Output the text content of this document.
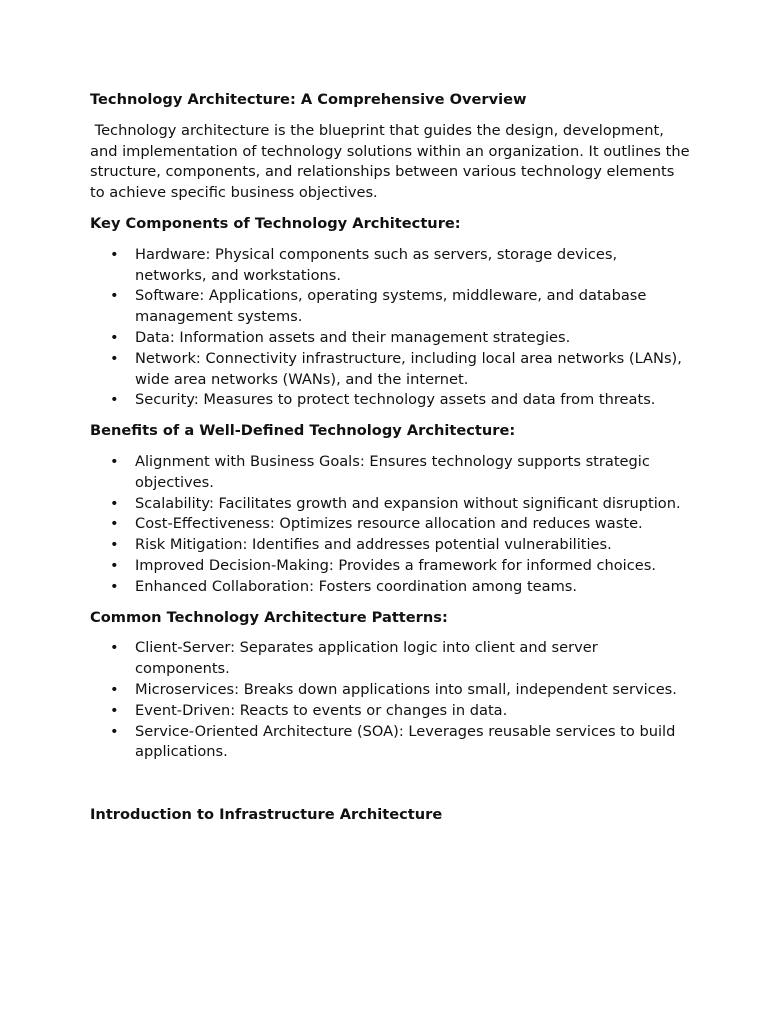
Technology Architecture: A Comprehensive Overview

Technology architecture is the blueprint that guides the design, development, and implementation of technology solutions within an organization. It outlines the structure, components, and relationships between various technology elements to achieve specific business objectives.

Key Components of Technology Architecture:
• Hardware: Physical components such as servers, storage devices, networks, and workstations.
• Software: Applications, operating systems, middleware, and database management systems.
• Data: Information assets and their management strategies.
• Network: Connectivity infrastructure, including local area networks (LANs), wide area networks (WANs), and the internet.
• Security: Measures to protect technology assets and data from threats.
Benefits of a Well-Defined Technology Architecture:
• Alignment with Business Goals: Ensures technology supports strategic objectives.
• Scalability: Facilitates growth and expansion without significant disruption.
• Cost-Effectiveness: Optimizes resource allocation and reduces waste.
• Risk Mitigation: Identifies and addresses potential vulnerabilities.
• Improved Decision-Making: Provides a framework for informed choices.
• Enhanced Collaboration: Fosters coordination among teams.
Common Technology Architecture Patterns:
• Client-Server: Separates application logic into client and server components.
• Microservices: Breaks down applications into small, independent services.
• Event-Driven: Reacts to events or changes in data.
• Service-Oriented Architecture (SOA): Leverages reusable services to build applications.
Introduction to Infrastructure Architecture
